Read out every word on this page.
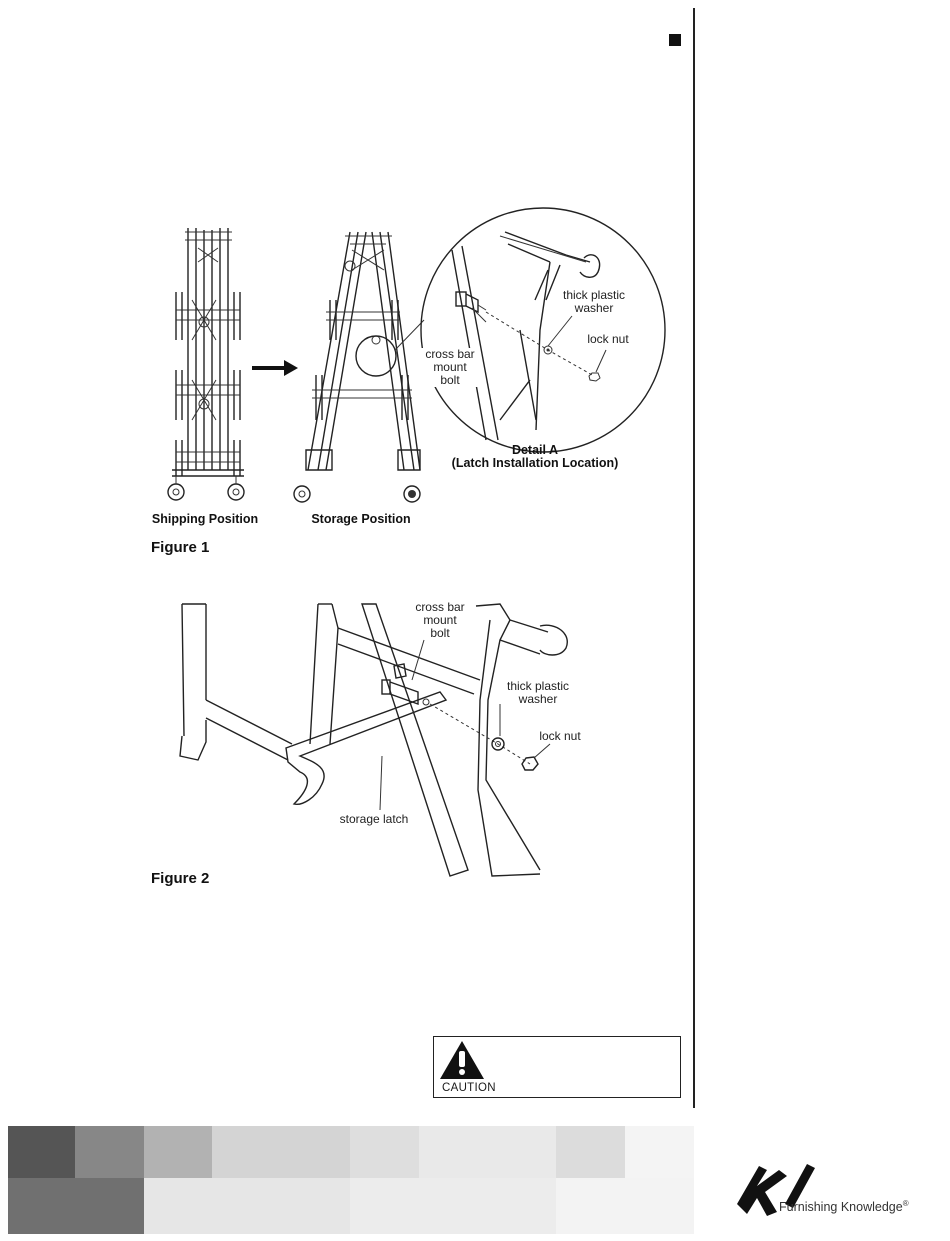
thick plastic
washer
lock nut
cross bar
mount
bolt
Detail A
(Latch Installation Location)
Shipping Position	Storage Position
Figure 1
cross bar
mount
bolt
thick plastic
washer
lock nut
storage latch
Figure 2
CAUTION
Furnishing Knowledge®
